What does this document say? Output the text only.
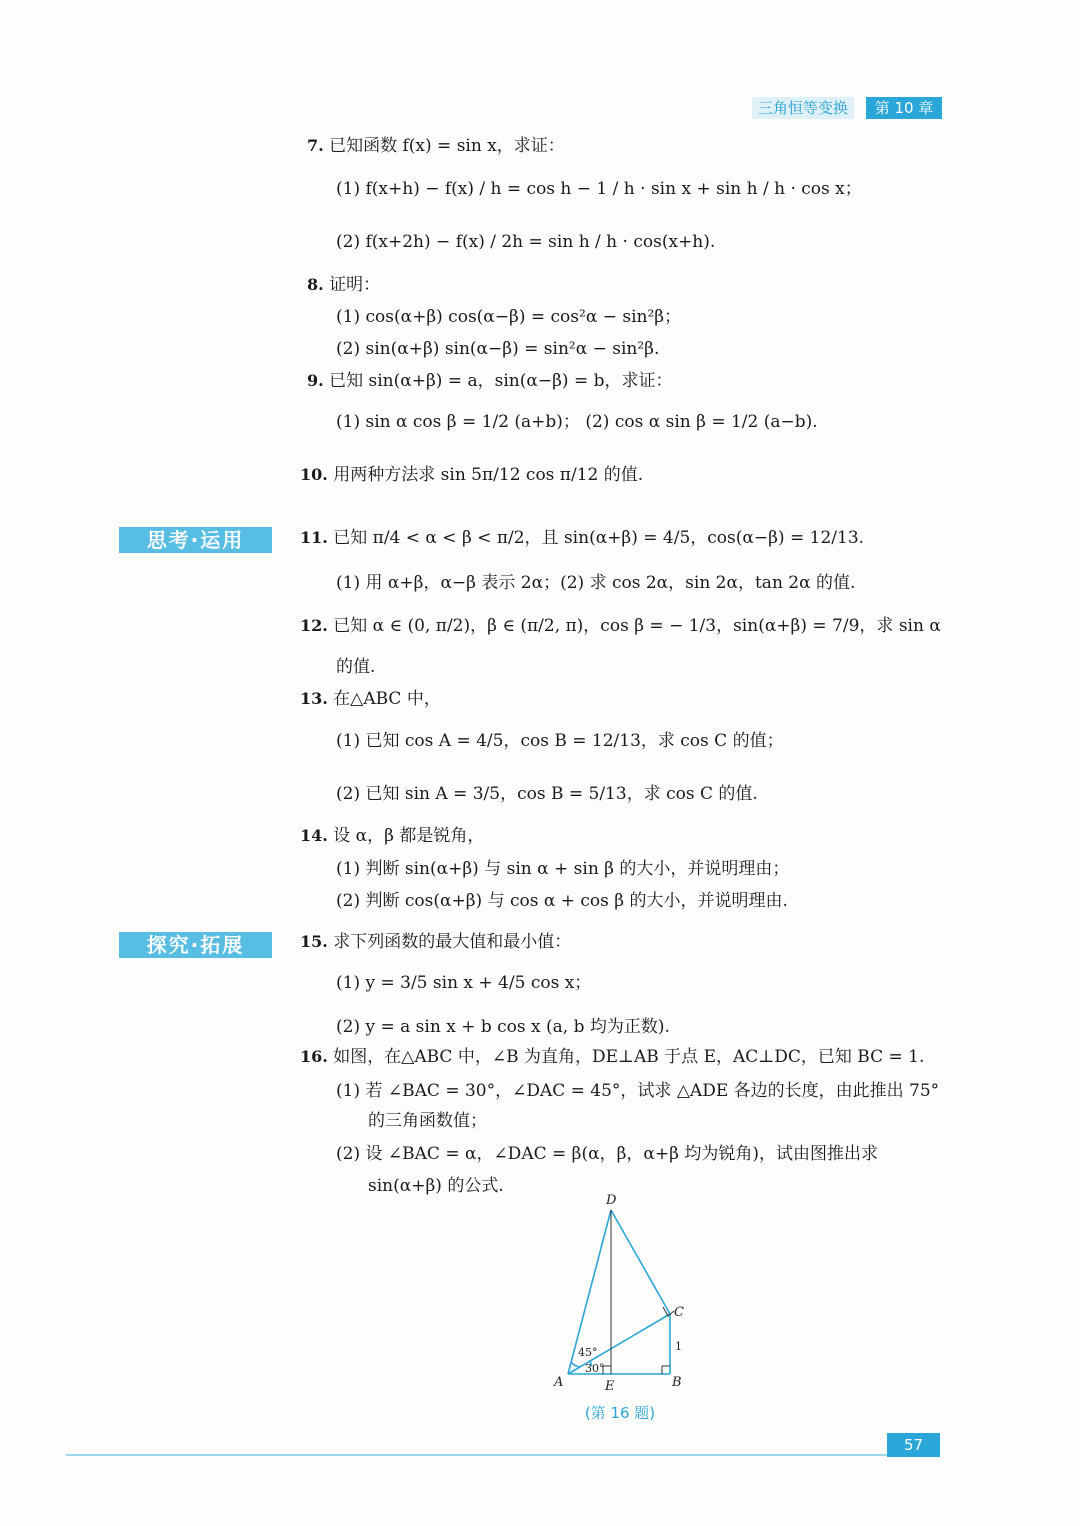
三角恒等变换	第 10 章
7. 已知函数 f(x) = sin x，求证：
(1) f(x+h) − f(x) / h = cos h − 1 / h · sin x + sin h / h · cos x；
(2) f(x+2h) − f(x) / 2h = sin h / h · cos(x+h).
8. 证明：
(1) cos(α+β) cos(α−β) = cos²α − sin²β；
(2) sin(α+β) sin(α−β) = sin²α − sin²β.
9. 已知 sin(α+β) = a，sin(α−β) = b，求证：
(1) sin α cos β = 1/2 (a+b)； (2) cos α sin β = 1/2 (a−b).
10. 用两种方法求 sin 5π/12 cos π/12 的值.
思考·运用	11. 已知 π/4 < α < β < π/2，且 sin(α+β) = 4/5，cos(α−β) = 12/13.
(1) 用 α+β，α−β 表示 2α；(2) 求 cos 2α，sin 2α，tan 2α 的值.
12. 已知 α ∈ (0, π/2)，β ∈ (π/2, π)，cos β = − 1/3，sin(α+β) = 7/9，求 sin α
的值.
13. 在△ABC 中，
(1) 已知 cos A = 4/5，cos B = 12/13，求 cos C 的值；
(2) 已知 sin A = 3/5，cos B = 5/13，求 cos C 的值.
14. 设 α，β 都是锐角，
(1) 判断 sin(α+β) 与 sin α + sin β 的大小，并说明理由；
(2) 判断 cos(α+β) 与 cos α + cos β 的大小，并说明理由.
探究·拓展	15. 求下列函数的最大值和最小值：
(1) y = 3/5 sin x + 4/5 cos x；
(2) y = a sin x + b cos x (a, b 均为正数).
16. 如图，在△ABC 中，∠B 为直角，DE⊥AB 于点 E，AC⊥DC，已知 BC = 1.
(1) 若 ∠BAC = 30°，∠DAC = 45°，试求 △ADE 各边的长度，由此推出 75°
的三角函数值；
(2) 设 ∠BAC = α，∠DAC = β(α，β，α+β 均为锐角)，试由图推出求
sin(α+β) 的公式.
D
C
A	E	B
1
45°
30°
(第 16 题)
57
